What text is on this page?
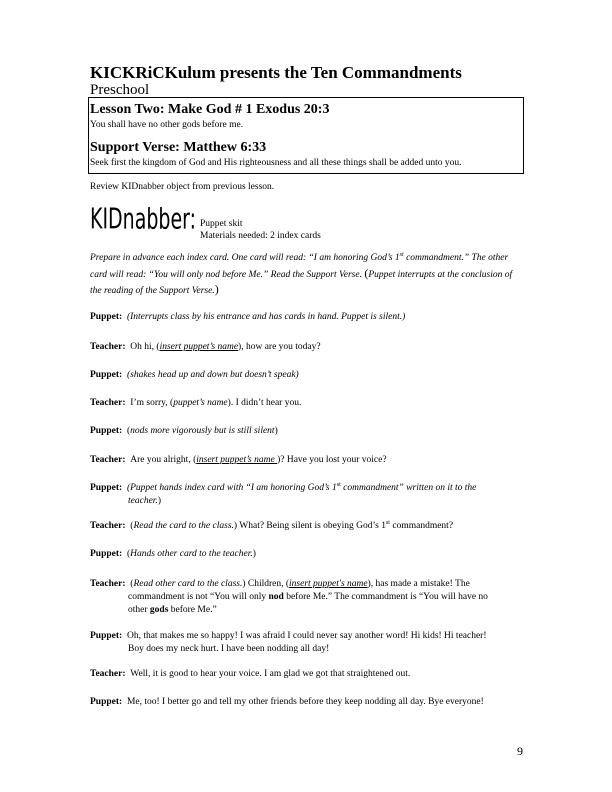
KICKRiCKulum presents the Ten Commandments
Preschool
Lesson Two: Make God # 1 Exodus 20:3
You shall have no other gods before me.
Support Verse: Matthew 6:33
Seek first the kingdom of God and His righteousness and all these things shall be added unto you.
Review KIDnabber object from previous lesson.
KIDnabber: Puppet skit
Materials needed: 2 index cards
Prepare in advance each index card. One card will read: “I am honoring God’s 1st commandment.” The other card will read: “You will only nod before Me.” Read the Support Verse. (Puppet interrupts at the conclusion of the reading of the Support Verse.)
Puppet: (Interrupts class by his entrance and has cards in hand. Puppet is silent.)
Teacher: Oh hi, (insert puppet’s name), how are you today?
Puppet: (shakes head up and down but doesn’t speak)
Teacher: I’m sorry, (puppet’s name). I didn’t hear you.
Puppet: (nods more vigorously but is still silent)
Teacher: Are you alright, (insert puppet’s name )? Have you lost your voice?
Puppet: (Puppet hands index card with “I am honoring God’s 1st commandment” written on it to the
teacher.)
Teacher: (Read the card to the class.) What? Being silent is obeying God’s 1st commandment?
Puppet: (Hands other card to the teacher.)
Teacher: (Read other card to the class.) Children, (insert puppet's name), has made a mistake! The
commandment is not “You will only nod before Me.” The commandment is “You will have no
other gods before Me.”
Puppet: Oh, that makes me so happy! I was afraid I could never say another word! Hi kids! Hi teacher!
Boy does my neck hurt. I have been nodding all day!
Teacher: Well, it is good to hear your voice. I am glad we got that straightened out.
Puppet: Me, too! I better go and tell my other friends before they keep nodding all day. Bye everyone!
9
